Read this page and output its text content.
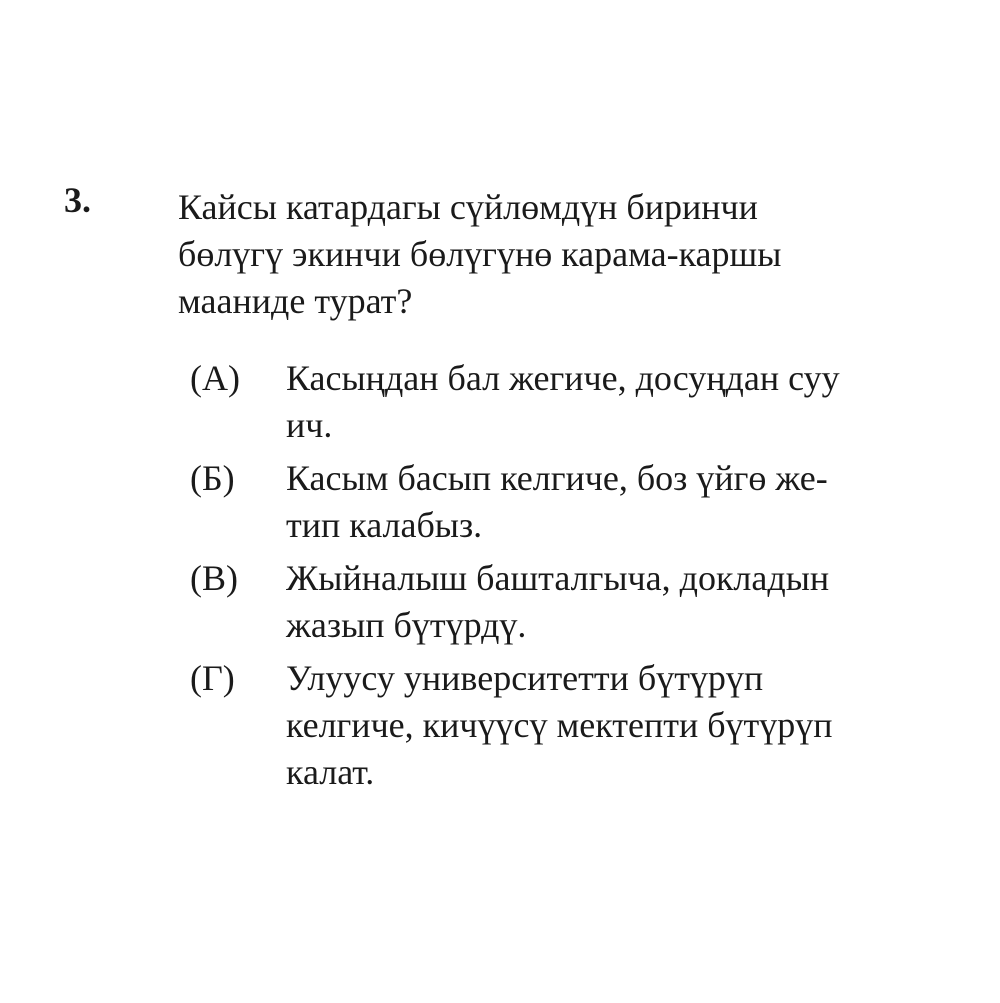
3. Кайсы катардагы сүйлөмдүн биринчи
бөлүгү экинчи бөлүгүнө карама-каршы
мааниде турат?
(А)	Касыңдан бал жегиче, досуңдан суу
ич.
(Б)	Касым басып келгиче, боз үйгө же-
тип калабыз.
(В)	Жыйналыш башталгыча, докладын
жазып бүтүрдү.
(Г)	Улуусу университетти бүтүрүп
келгиче, кичүүсү мектепти бүтүрүп
калат.
